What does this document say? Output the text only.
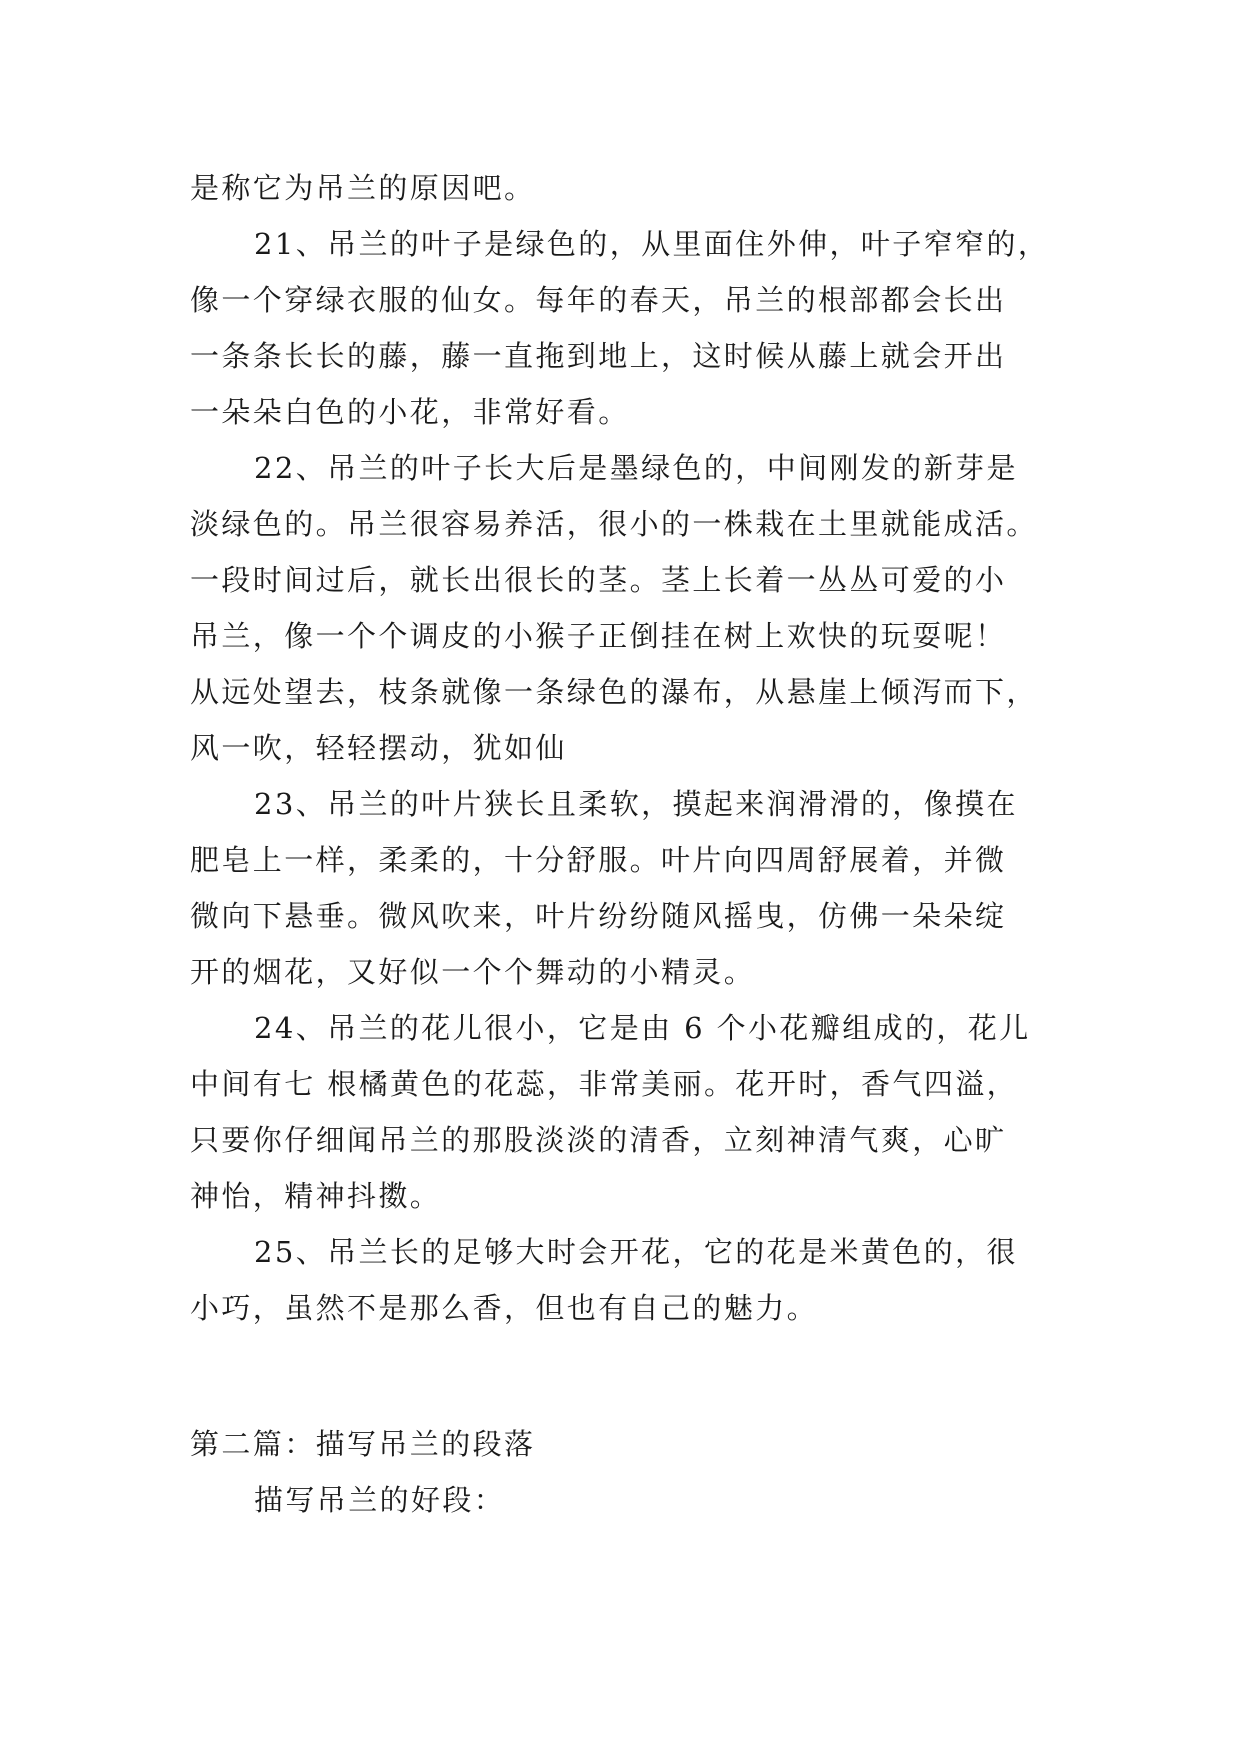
是称它为吊兰的原因吧。

21、吊兰的叶子是绿色的，从里面住外伸，叶子窄窄的，

像一个穿绿衣服的仙女。每年的春天，吊兰的根部都会长出

一条条长长的藤，藤一直拖到地上，这时候从藤上就会开出

一朵朵白色的小花，非常好看。

22、吊兰的叶子长大后是墨绿色的，中间刚发的新芽是

淡绿色的。吊兰很容易养活，很小的一株栽在土里就能成活。

一段时间过后，就长出很长的茎。茎上长着一丛丛可爱的小

吊兰，像一个个调皮的小猴子正倒挂在树上欢快的玩耍呢！

从远处望去，枝条就像一条绿色的瀑布，从悬崖上倾泻而下，

风一吹，轻轻摆动，犹如仙

23、吊兰的叶片狭长且柔软，摸起来润滑滑的，像摸在

肥皂上一样，柔柔的，十分舒服。叶片向四周舒展着，并微

微向下悬垂。微风吹来，叶片纷纷随风摇曳，仿佛一朵朵绽

开的烟花，又好似一个个舞动的小精灵。

24、吊兰的花儿很小，它是由 6 个小花瓣组成的，花儿

中间有七 根橘黄色的花蕊，非常美丽。花开时，香气四溢，

只要你仔细闻吊兰的那股淡淡的清香，立刻神清气爽，心旷

神怡，精神抖擞。

25、吊兰长的足够大时会开花，它的花是米黄色的，很

小巧，虽然不是那么香，但也有自己的魅力。

第二篇：描写吊兰的段落

描写吊兰的好段：
